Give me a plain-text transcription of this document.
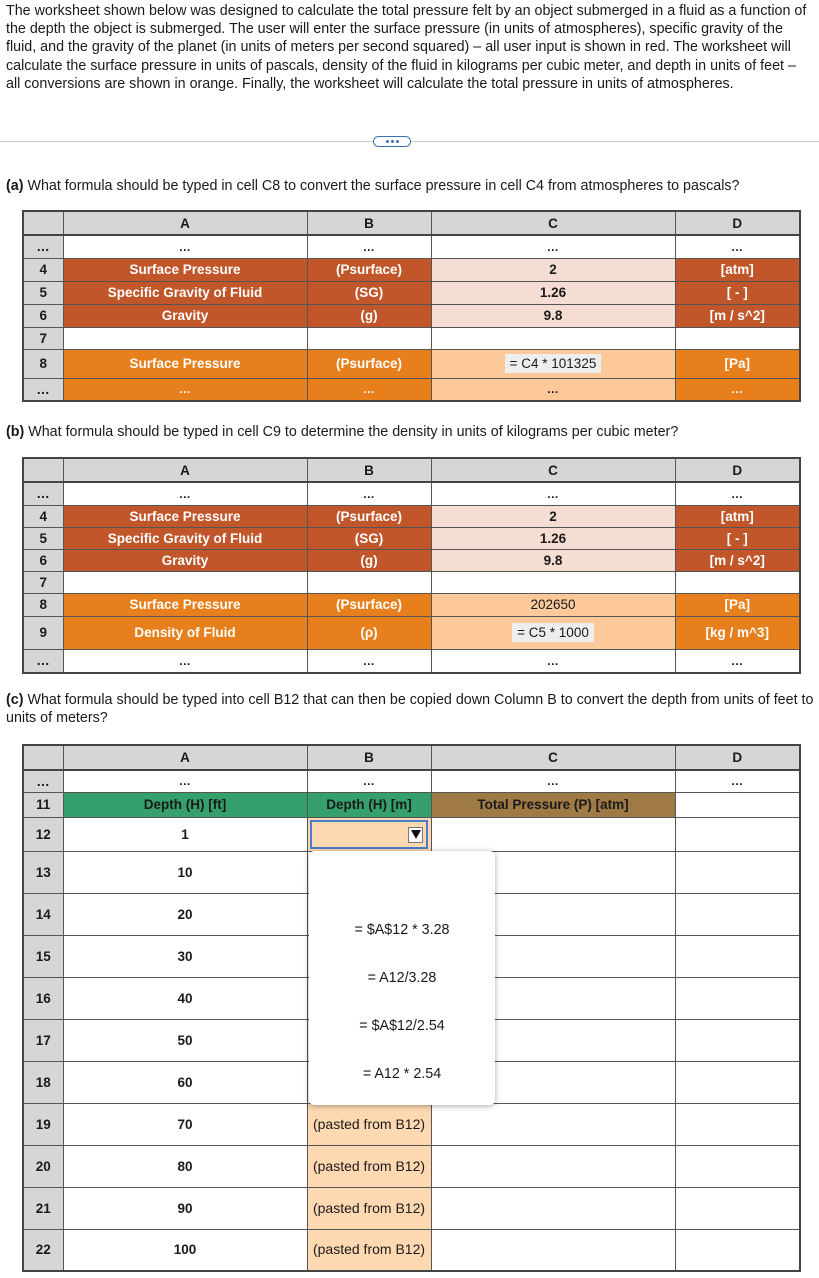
The worksheet shown below was designed to calculate the total pressure felt by an object submerged in a fluid as a function of the depth the object is submerged. The user will enter the surface pressure (in units of atmospheres), specific gravity of the fluid, and the gravity of the planet (in units of meters per second squared) – all user input is shown in red. The worksheet will calculate the surface pressure in units of pascals, density of the fluid in kilograms per cubic meter, and depth in units of feet – all conversions are shown in orange. Finally, the worksheet will calculate the total pressure in units of atmospheres.

(a) What formula should be typed in cell C8 to convert the surface pressure in cell C4 from atmospheres to pascals?

	A	B	C	D
...	...	...	...	...
4	Surface Pressure	(Psurface)	2	[atm]
5	Specific Gravity of Fluid	(SG)	1.26	[ - ]
6	Gravity	(g)	9.8	[m / s^2]
7				
8	Surface Pressure	(Psurface)	= C4 * 101325	[Pa]
...	...	...	...	...

(b) What formula should be typed in cell C9 to determine the density in units of kilograms per cubic meter?

	A	B	C	D
...	...	...	...	...
4	Surface Pressure	(Psurface)	2	[atm]
5	Specific Gravity of Fluid	(SG)	1.26	[ - ]
6	Gravity	(g)	9.8	[m / s^2]
7				
8	Surface Pressure	(Psurface)	202650	[Pa]
9	Density of Fluid	(ρ)	= C5 * 1000	[kg / m^3]
...	...	...	...	...

(c) What formula should be typed into cell B12 that can then be copied down Column B to convert the depth from units of feet to units of meters?

	A	B	C	D
...	...	...	...	...
11	Depth (H) [ft]	Depth (H) [m]	Total Pressure (P) [atm]	
12	1	

13	10			
14	20			
15	30			
16	40			
17	50			
18	60			
19	70	(pasted from B12)		
20	80	(pasted from B12)		
21	90	(pasted from B12)		
22	100	(pasted from B12)		
= $A$12 * 3.28
= A12/3.28
= $A$12/2.54
= A12 * 2.54
